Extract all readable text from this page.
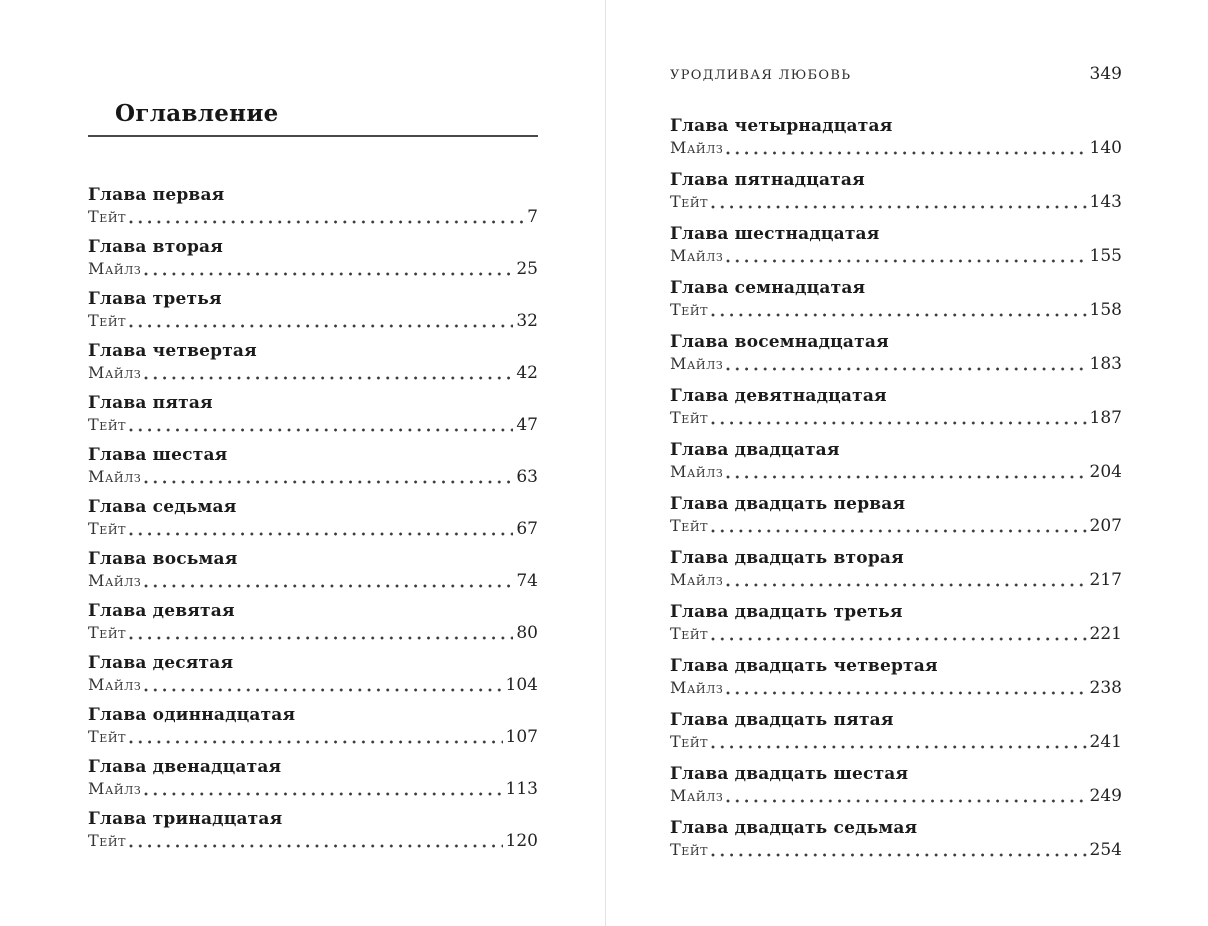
Оглавление
Глава первая
Тейт	7
Глава вторая
Майлз	25
Глава третья
Тейт	32
Глава четвертая
Майлз	42
Глава пятая
Тейт	47
Глава шестая
Майлз	63
Глава седьмая
Тейт	67
Глава восьмая
Майлз	74
Глава девятая
Тейт	80
Глава десятая
Майлз	104
Глава одиннадцатая
Тейт	107
Глава двенадцатая
Майлз	113
Глава тринадцатая
Тейт	120
УРОДЛИВАЯ ЛЮБОВЬ	349
Глава четырнадцатая
Майлз	140
Глава пятнадцатая
Тейт	143
Глава шестнадцатая
Майлз	155
Глава семнадцатая
Тейт	158
Глава восемнадцатая
Майлз	183
Глава девятнадцатая
Тейт	187
Глава двадцатая
Майлз	204
Глава двадцать первая
Тейт	207
Глава двадцать вторая
Майлз	217
Глава двадцать третья
Тейт	221
Глава двадцать четвертая
Майлз	238
Глава двадцать пятая
Тейт	241
Глава двадцать шестая
Майлз	249
Глава двадцать седьмая
Тейт	254
